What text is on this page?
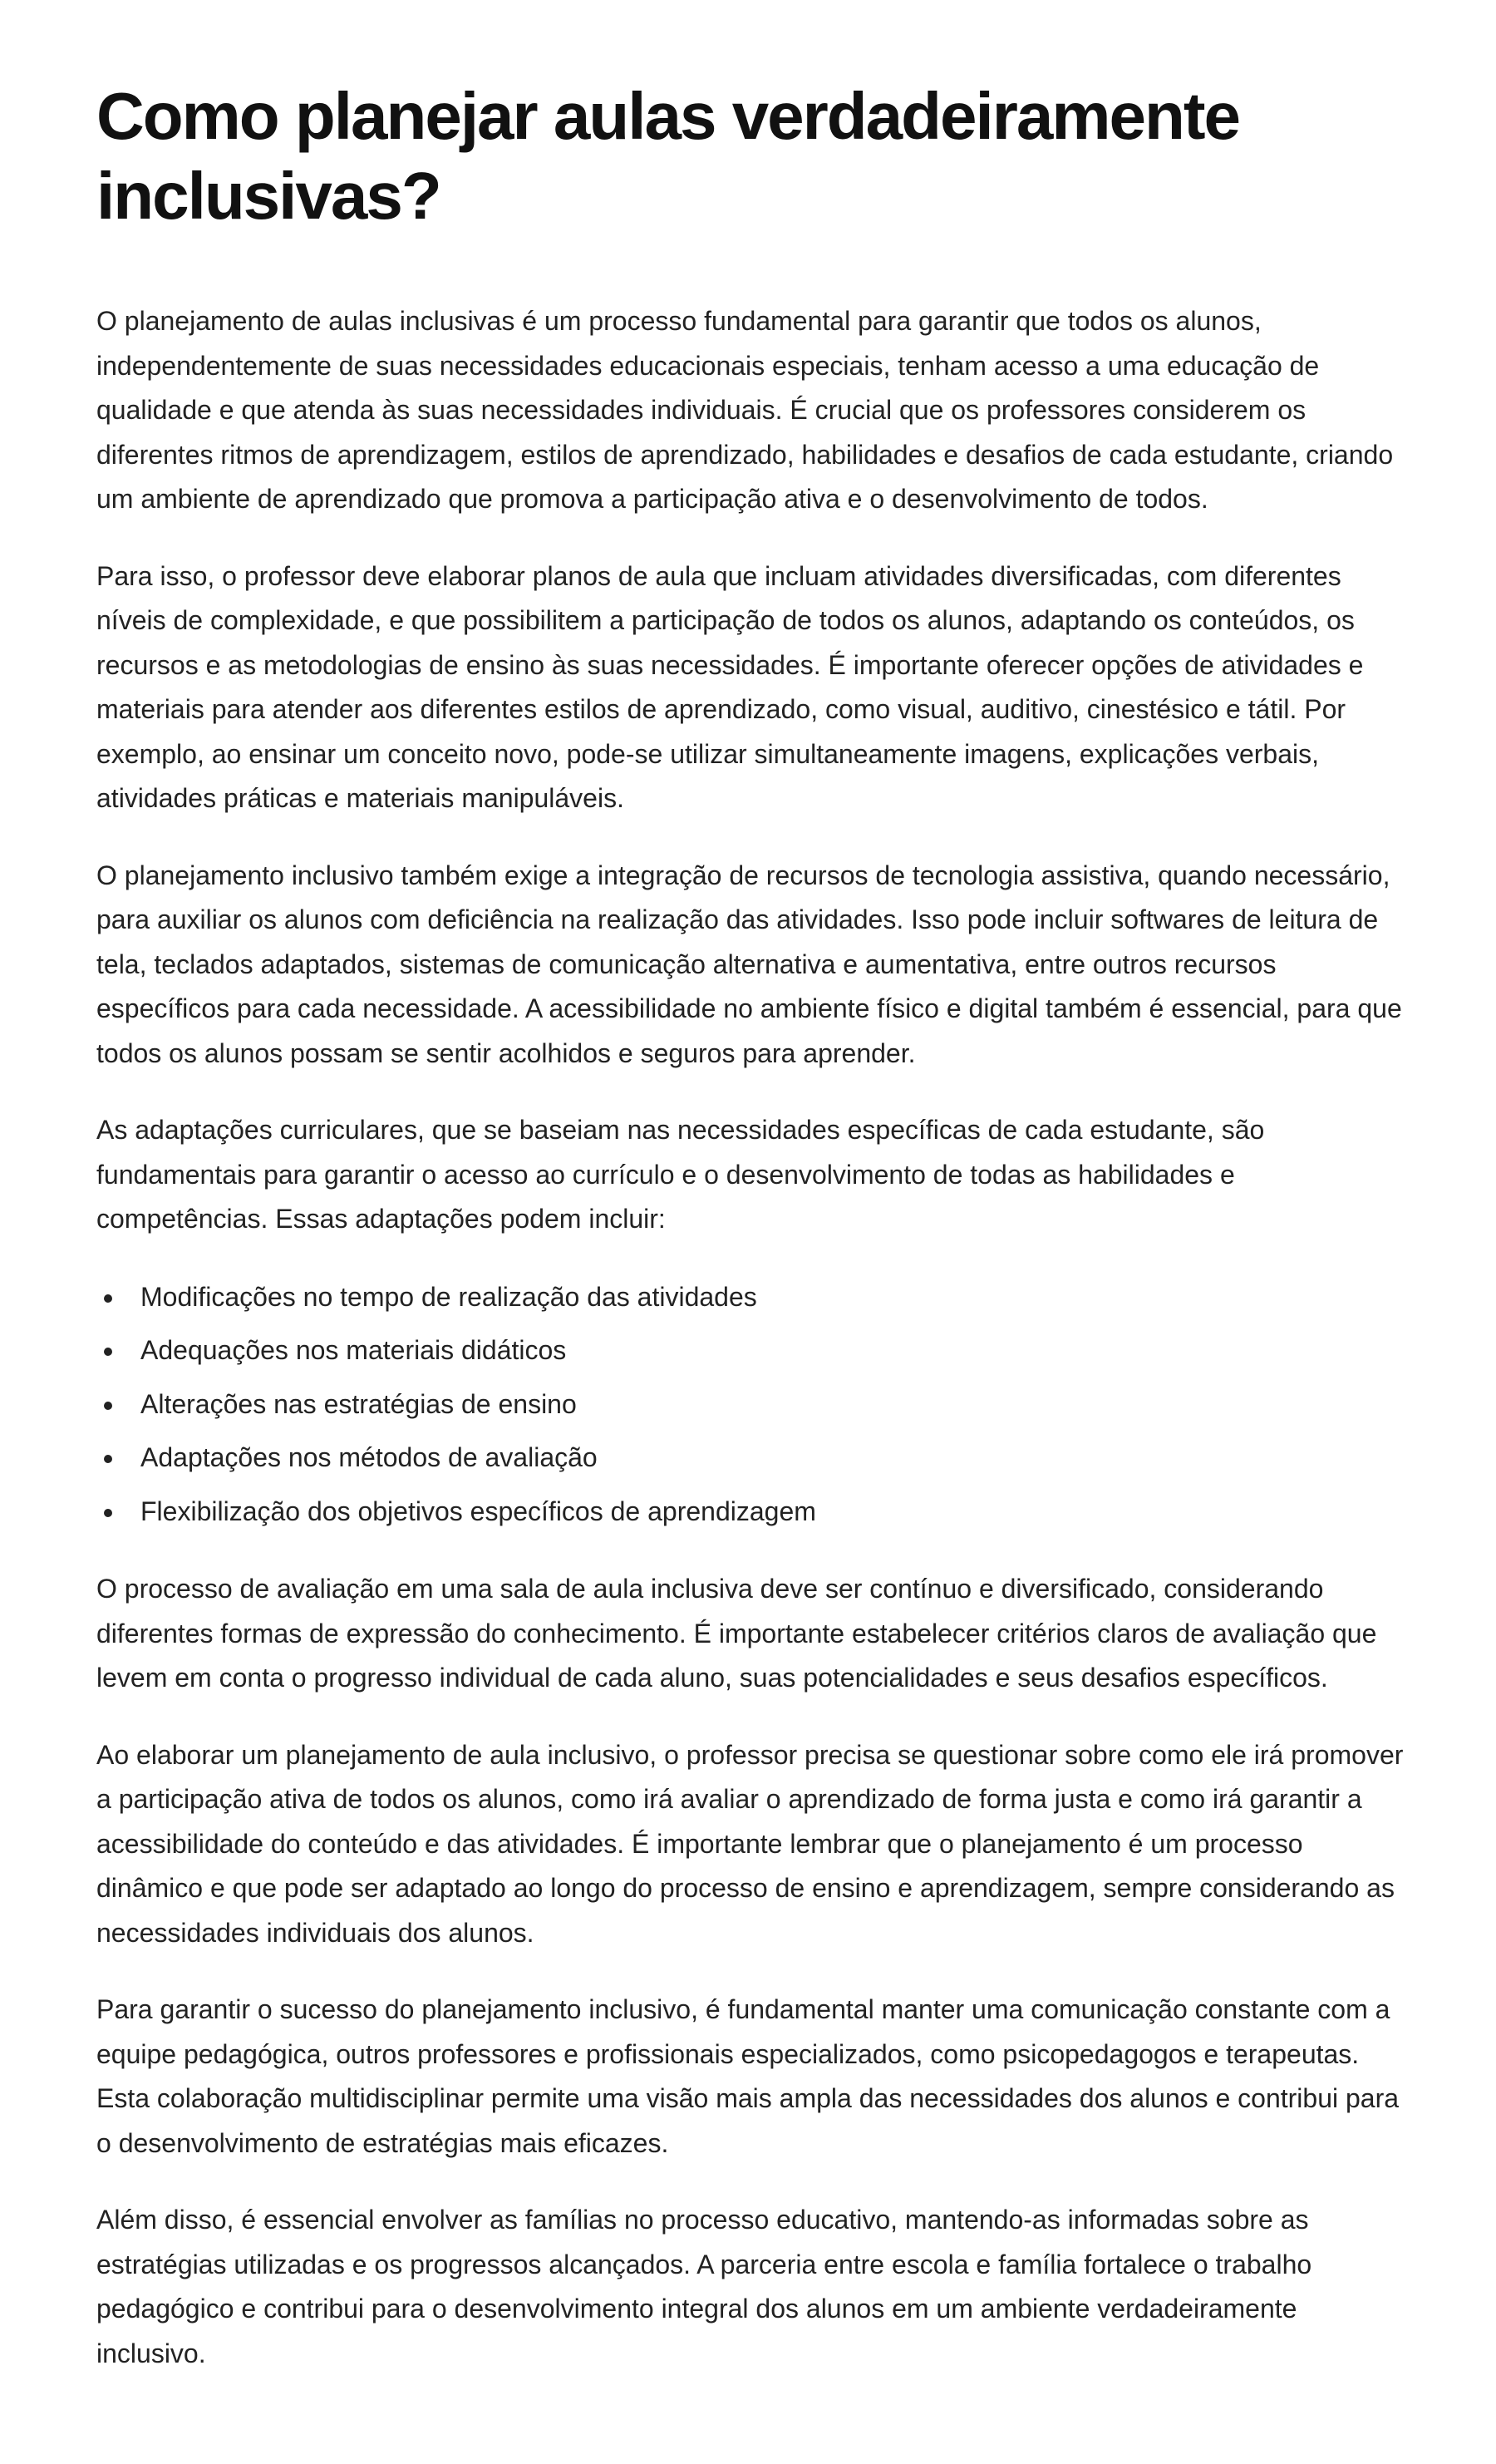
Como planejar aulas verdadeiramente inclusivas?

O planejamento de aulas inclusivas é um processo fundamental para garantir que todos os alunos, independentemente de suas necessidades educacionais especiais, tenham acesso a uma educação de qualidade e que atenda às suas necessidades individuais. É crucial que os professores considerem os diferentes ritmos de aprendizagem, estilos de aprendizado, habilidades e desafios de cada estudante, criando um ambiente de aprendizado que promova a participação ativa e o desenvolvimento de todos.

Para isso, o professor deve elaborar planos de aula que incluam atividades diversificadas, com diferentes níveis de complexidade, e que possibilitem a participação de todos os alunos, adaptando os conteúdos, os recursos e as metodologias de ensino às suas necessidades. É importante oferecer opções de atividades e materiais para atender aos diferentes estilos de aprendizado, como visual, auditivo, cinestésico e tátil. Por exemplo, ao ensinar um conceito novo, pode-se utilizar simultaneamente imagens, explicações verbais, atividades práticas e materiais manipuláveis.

O planejamento inclusivo também exige a integração de recursos de tecnologia assistiva, quando necessário, para auxiliar os alunos com deficiência na realização das atividades. Isso pode incluir softwares de leitura de tela, teclados adaptados, sistemas de comunicação alternativa e aumentativa, entre outros recursos específicos para cada necessidade. A acessibilidade no ambiente físico e digital também é essencial, para que todos os alunos possam se sentir acolhidos e seguros para aprender.

As adaptações curriculares, que se baseiam nas necessidades específicas de cada estudante, são fundamentais para garantir o acesso ao currículo e o desenvolvimento de todas as habilidades e competências. Essas adaptações podem incluir:

Modificações no tempo de realização das atividades
Adequações nos materiais didáticos
Alterações nas estratégias de ensino
Adaptações nos métodos de avaliação
Flexibilização dos objetivos específicos de aprendizagem

O processo de avaliação em uma sala de aula inclusiva deve ser contínuo e diversificado, considerando diferentes formas de expressão do conhecimento. É importante estabelecer critérios claros de avaliação que levem em conta o progresso individual de cada aluno, suas potencialidades e seus desafios específicos.

Ao elaborar um planejamento de aula inclusivo, o professor precisa se questionar sobre como ele irá promover a participação ativa de todos os alunos, como irá avaliar o aprendizado de forma justa e como irá garantir a acessibilidade do conteúdo e das atividades. É importante lembrar que o planejamento é um processo dinâmico e que pode ser adaptado ao longo do processo de ensino e aprendizagem, sempre considerando as necessidades individuais dos alunos.

Para garantir o sucesso do planejamento inclusivo, é fundamental manter uma comunicação constante com a equipe pedagógica, outros professores e profissionais especializados, como psicopedagogos e terapeutas. Esta colaboração multidisciplinar permite uma visão mais ampla das necessidades dos alunos e contribui para o desenvolvimento de estratégias mais eficazes.

Além disso, é essencial envolver as famílias no processo educativo, mantendo-as informadas sobre as estratégias utilizadas e os progressos alcançados. A parceria entre escola e família fortalece o trabalho pedagógico e contribui para o desenvolvimento integral dos alunos em um ambiente verdadeiramente inclusivo.
